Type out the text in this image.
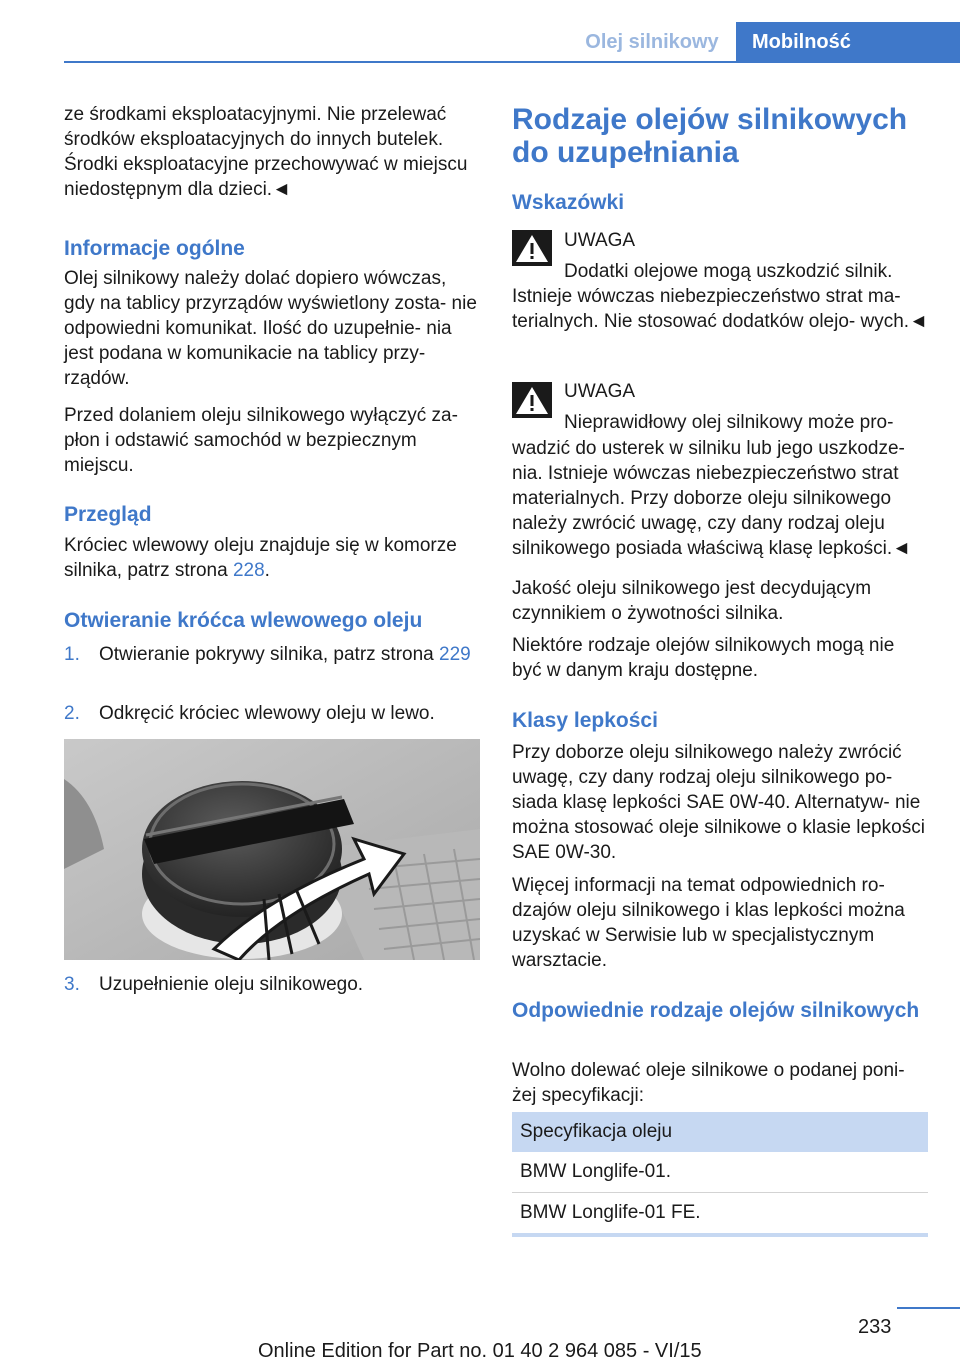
Olej silnikowy	Mobilność

ze środkami eksploatacyjnymi. Nie przelewać środków eksploatacyjnych do innych butelek. Środki eksploatacyjne przechowywać w miejscu niedostępnym dla dzieci.◄

Informacje ogólne

Olej silnikowy należy dolać dopiero wówczas, gdy na tablicy przyrządów wyświetlony zosta- nie odpowiedni komunikat. Ilość do uzupełnie- nia jest podana w komunikacie na tablicy przy- rządów.

Przed dolaniem oleju silnikowego wyłączyć za- płon i odstawić samochód w bezpiecznym miejscu.

Przegląd

Króciec wlewowy oleju znajduje się w komorze silnika, patrz strona 228.

Otwieranie króćca wlewowego oleju
1. Otwieranie pokrywy silnika, patrz strona 229
2. Odkręcić króciec wlewowy oleju w lewo.
3. Uzupełnienie oleju silnikowego.
Rodzaje olejów silnikowych do uzupełniania
Wskazówki

UWAGA

Dodatki olejowe mogą uszkodzić silnik.

Istnieje wówczas niebezpieczeństwo strat ma- terialnych. Nie stosować dodatków olejo- wych.◄

UWAGA

Nieprawidłowy olej silnikowy może pro-

wadzić do usterek w silniku lub jego uszkodze- nia. Istnieje wówczas niebezpieczeństwo strat materialnych. Przy doborze oleju silnikowego należy zwrócić uwagę, czy dany rodzaj oleju silnikowego posiada właściwą klasę lepkości.◄

Jakość oleju silnikowego jest decydującym czynnikiem o żywotności silnika.

Niektóre rodzaje olejów silnikowych mogą nie być w danym kraju dostępne.

Klasy lepkości

Przy doborze oleju silnikowego należy zwrócić uwagę, czy dany rodzaj oleju silnikowego po- siada klasę lepkości SAE 0W-40. Alternatyw- nie można stosować oleje silnikowe o klasie lepkości SAE 0W-30.

Więcej informacji na temat odpowiednich ro- dzajów oleju silnikowego i klas lepkości można uzyskać w Serwisie lub w specjalistycznym warsztacie.

Odpowiednie rodzaje olejów silnikowych

Wolno dolewać oleje silnikowe o podanej poni- żej specyfikacji:

Specyfikacja oleju
BMW Longlife-01.
BMW Longlife-01 FE.
233
Online Edition for Part no. 01 40 2 964 085 - VI/15
